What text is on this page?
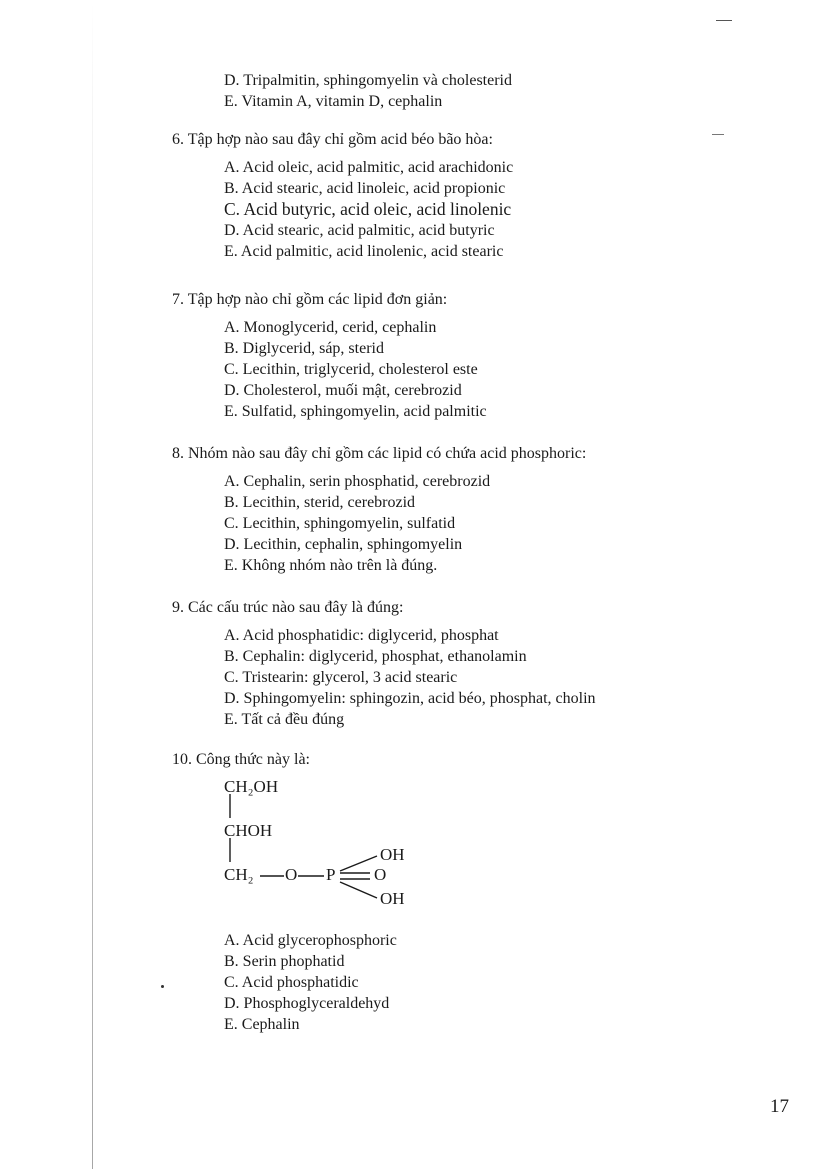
D. Tripalmitin, sphingomyelin và cholesterid
E. Vitamin A, vitamin D, cephalin
6. Tập hợp nào sau đây chỉ gồm acid béo bão hòa:
A. Acid oleic, acid palmitic, acid arachidonic
B. Acid stearic, acid linoleic, acid propionic
C. Acid butyric, acid oleic, acid linolenic
D. Acid stearic, acid palmitic, acid butyric
E. Acid palmitic, acid linolenic, acid stearic
7. Tập hợp nào chỉ gồm các lipid đơn giản:
A. Monoglycerid, cerid, cephalin
B. Diglycerid, sáp, sterid
C. Lecithin, triglycerid, cholesterol este
D. Cholesterol, muối mật, cerebrozid
E. Sulfatid, sphingomyelin, acid palmitic
8. Nhóm nào sau đây chỉ gồm các lipid có chứa acid phosphoric:
A. Cephalin, serin phosphatid, cerebrozid
B. Lecithin, sterid, cerebrozid
C. Lecithin, sphingomyelin, sulfatid
D. Lecithin, cephalin, sphingomyelin
E. Không nhóm nào trên là đúng.
9. Các cấu trúc nào sau đây là đúng:
A. Acid phosphatidic: diglycerid, phosphat
B. Cephalin: diglycerid, phosphat, ethanolamin
C. Tristearin: glycerol, 3 acid stearic
D. Sphingomyelin: sphingozin, acid béo, phosphat, cholin
E. Tất cả đều đúng
10. Công thức này là:
CH₂OH
CHOH
CH₂ O P
OH
O
OH
A. Acid glycerophosphoric
B. Serin phophatid
C. Acid phosphatidic
D. Phosphoglyceraldehyd
E. Cephalin
17
